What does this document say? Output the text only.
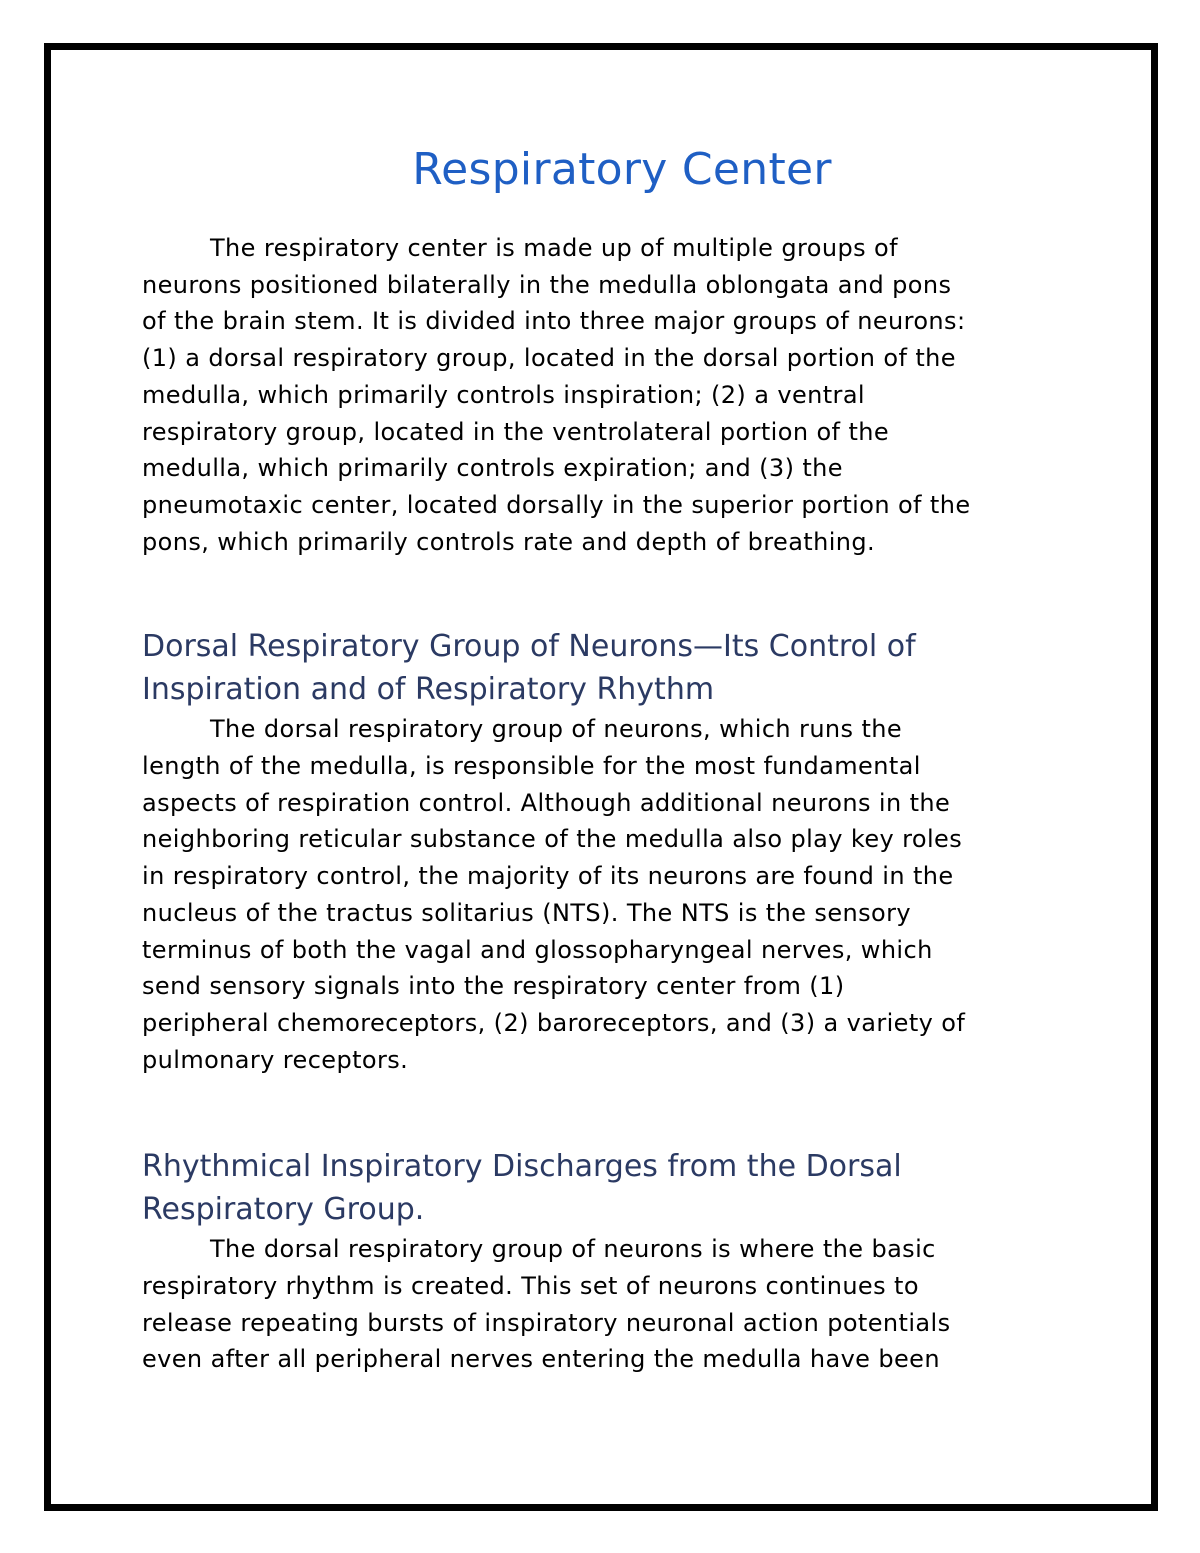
Respiratory Center

The respiratory center is made up of multiple groups of
neurons positioned bilaterally in the medulla oblongata and pons
of the brain stem. It is divided into three major groups of neurons:
(1) a dorsal respiratory group, located in the dorsal portion of the
medulla, which primarily controls inspiration; (2) a ventral
respiratory group, located in the ventrolateral portion of the
medulla, which primarily controls expiration; and (3) the
pneumotaxic center, located dorsally in the superior portion of the
pons, which primarily controls rate and depth of breathing.

Dorsal Respiratory Group of Neurons—Its Control of
Inspiration and of Respiratory Rhythm

The dorsal respiratory group of neurons, which runs the
length of the medulla, is responsible for the most fundamental
aspects of respiration control. Although additional neurons in the
neighboring reticular substance of the medulla also play key roles
in respiratory control, the majority of its neurons are found in the
nucleus of the tractus solitarius (NTS). The NTS is the sensory
terminus of both the vagal and glossopharyngeal nerves, which
send sensory signals into the respiratory center from (1)
peripheral chemoreceptors, (2) baroreceptors, and (3) a variety of
pulmonary receptors.

Rhythmical Inspiratory Discharges from the Dorsal
Respiratory Group.

The dorsal respiratory group of neurons is where the basic
respiratory rhythm is created. This set of neurons continues to
release repeating bursts of inspiratory neuronal action potentials
even after all peripheral nerves entering the medulla have been
